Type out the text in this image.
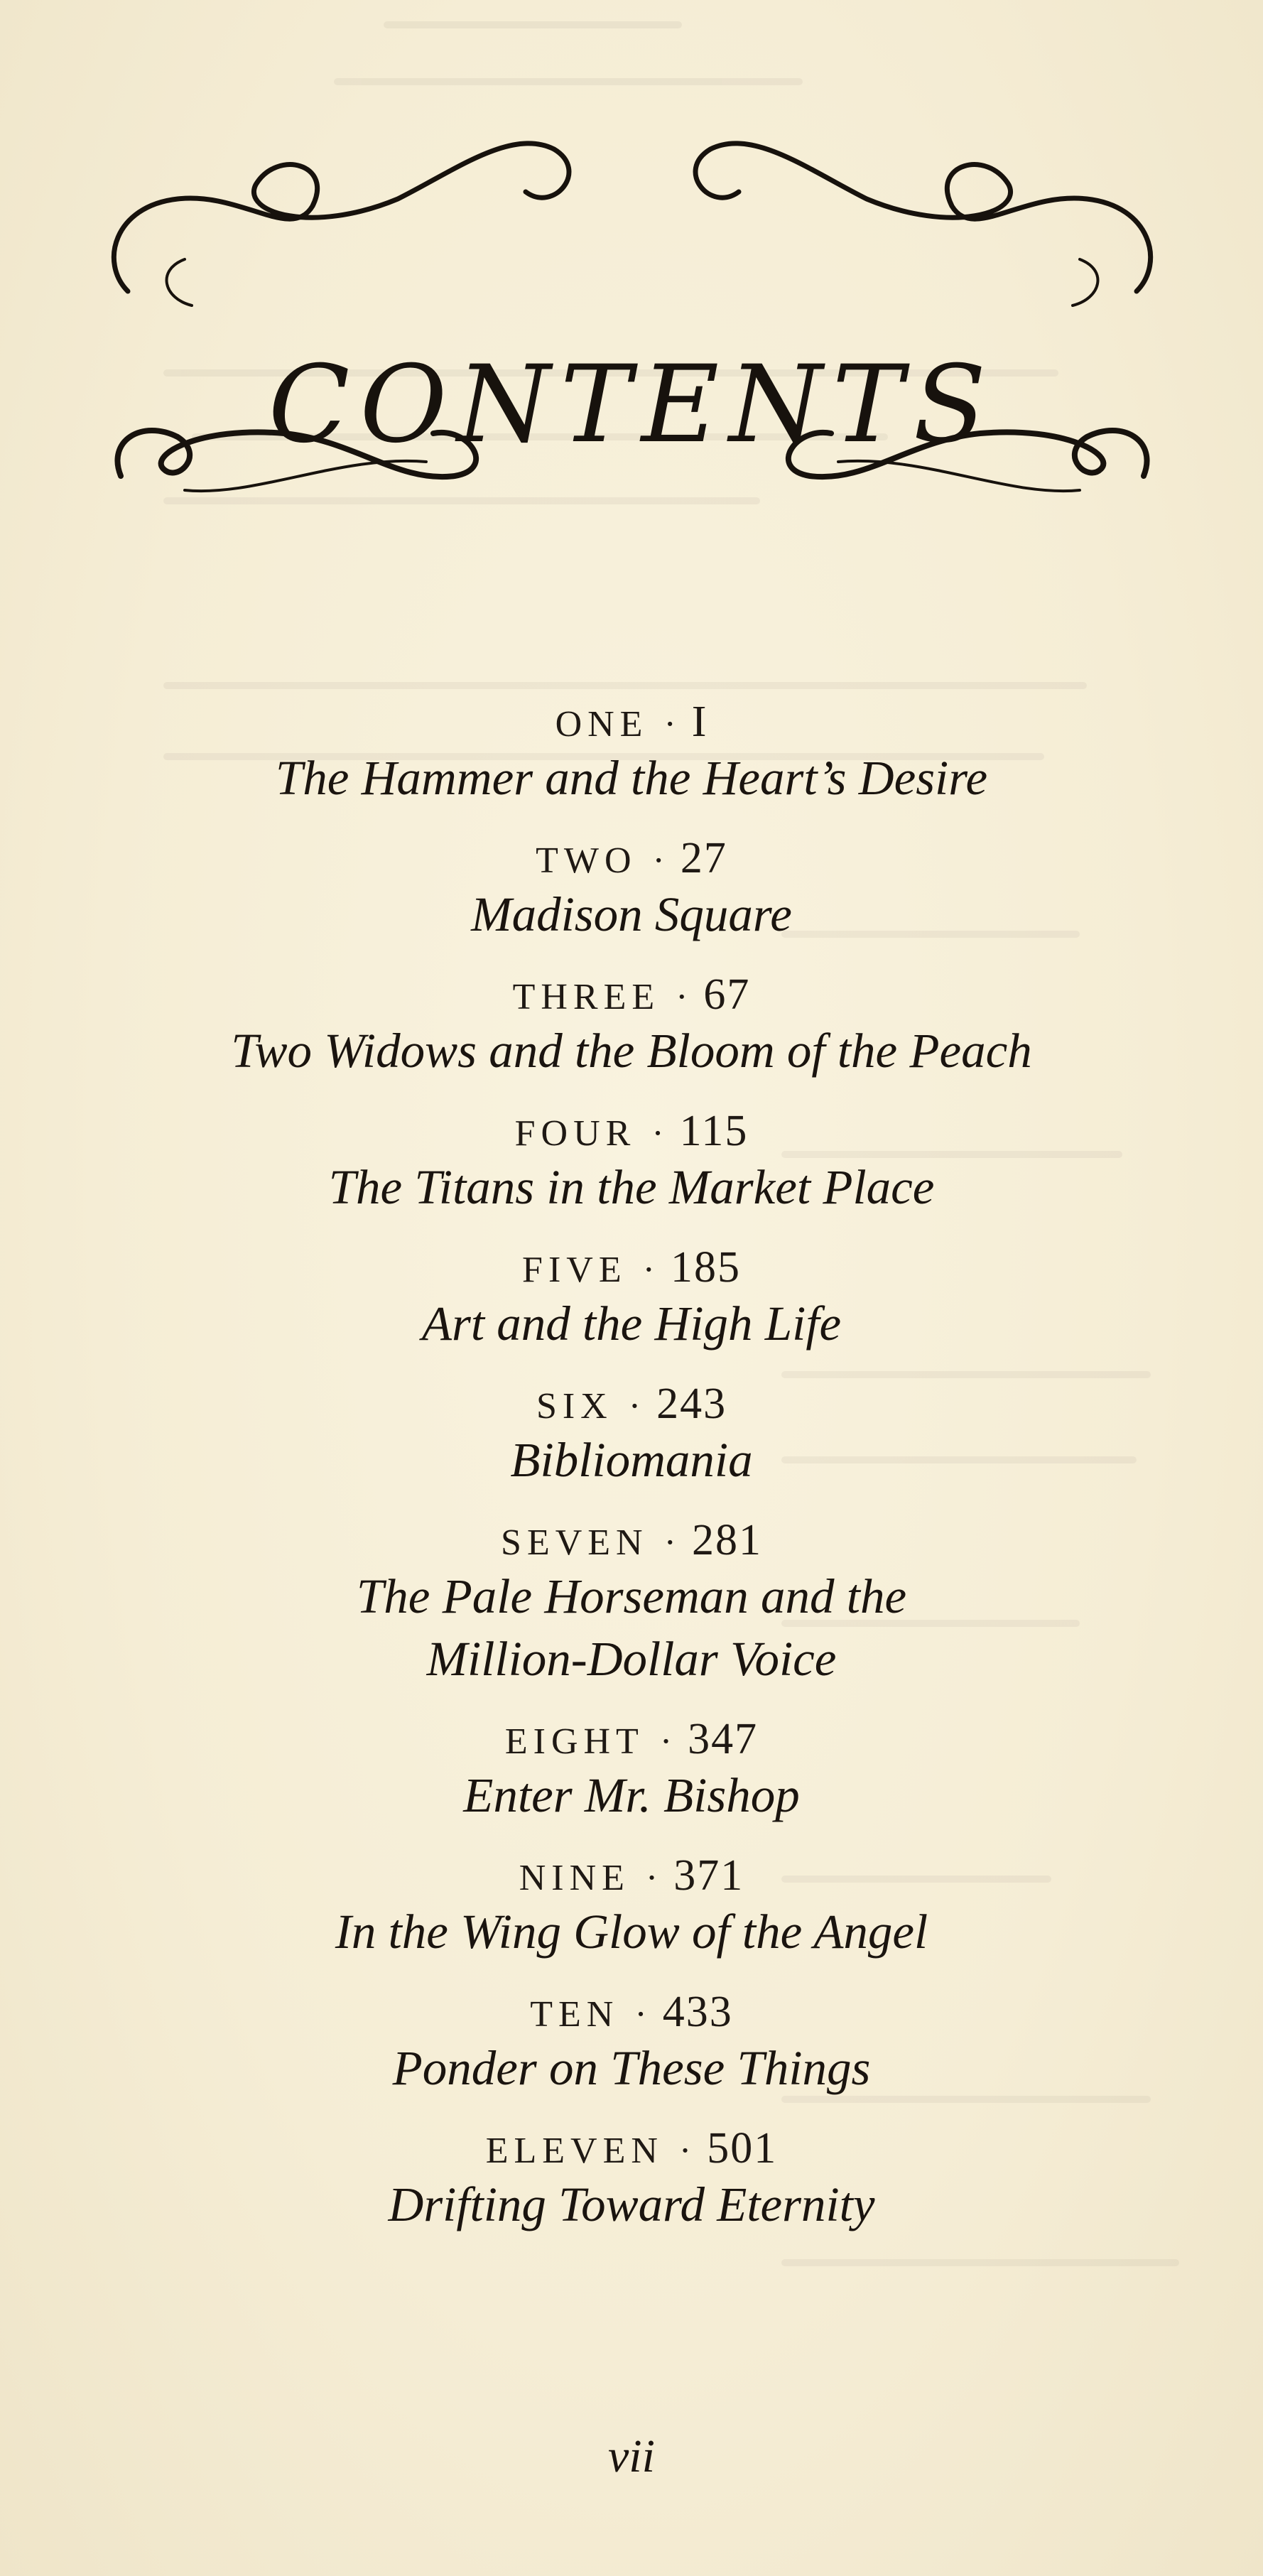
CONTENTS
ONE · I
The Hammer and the Heart’s Desire
TWO · 27
Madison Square
THREE · 67
Two Widows and the Bloom of the Peach
FOUR · 115
The Titans in the Market Place
FIVE · 185
Art and the High Life
SIX · 243
Bibliomania
SEVEN · 281
The Pale Horseman and the
Million-Dollar Voice
EIGHT · 347
Enter Mr. Bishop
NINE · 371
In the Wing Glow of the Angel
TEN · 433
Ponder on These Things
ELEVEN · 501
Drifting Toward Eternity
vii
